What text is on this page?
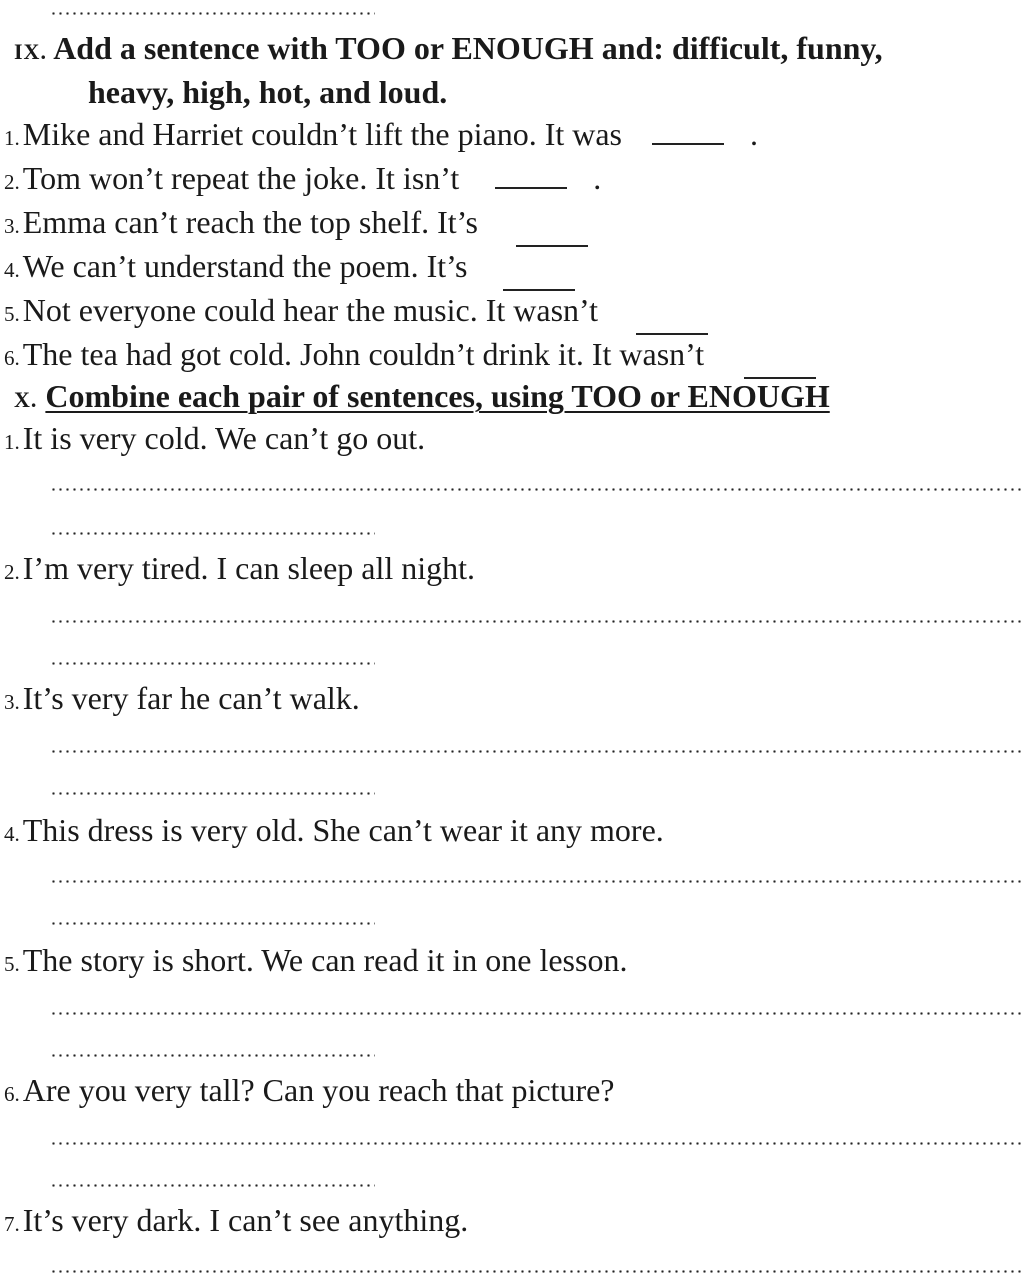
IX. Add a sentence with TOO or ENOUGH and: difficult, funny,
heavy, high, hot, and loud.
1.Mike and Harriet couldn’t lift the piano. It was	.
2.Tom won’t repeat the joke. It isn’t	.
3.Emma can’t reach the top shelf. It’s
4.We can’t understand the poem. It’s
5.Not everyone could hear the music. It wasn’t
6.The tea had got cold. John couldn’t drink it. It wasn’t
X. Combine each pair of sentences, using TOO or ENOUGH
1.It is very cold. We can’t go out.
2.I’m very tired. I can sleep all night.
3.It’s very far he can’t walk.
4.This dress is very old. She can’t wear it any more.
5.The story is short. We can read it in one lesson.
6.Are you very tall? Can you reach that picture?
7.It’s very dark. I can’t see anything.
